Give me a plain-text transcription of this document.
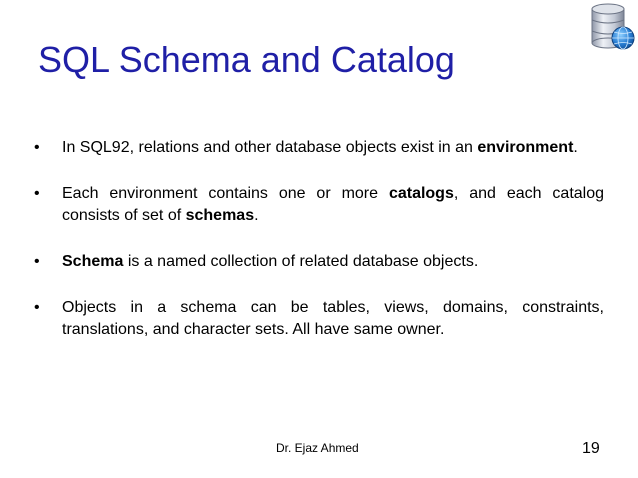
SQL Schema and Catalog
• In SQL92, relations and other database objects exist in an environment.
• Each environment contains one or more catalogs, and each catalog consists of set of schemas.
• Schema is a named collection of related database objects.
• Objects in a schema can be tables, views, domains, constraints, translations, and character sets. All have same owner.
Dr. Ejaz Ahmed	19
